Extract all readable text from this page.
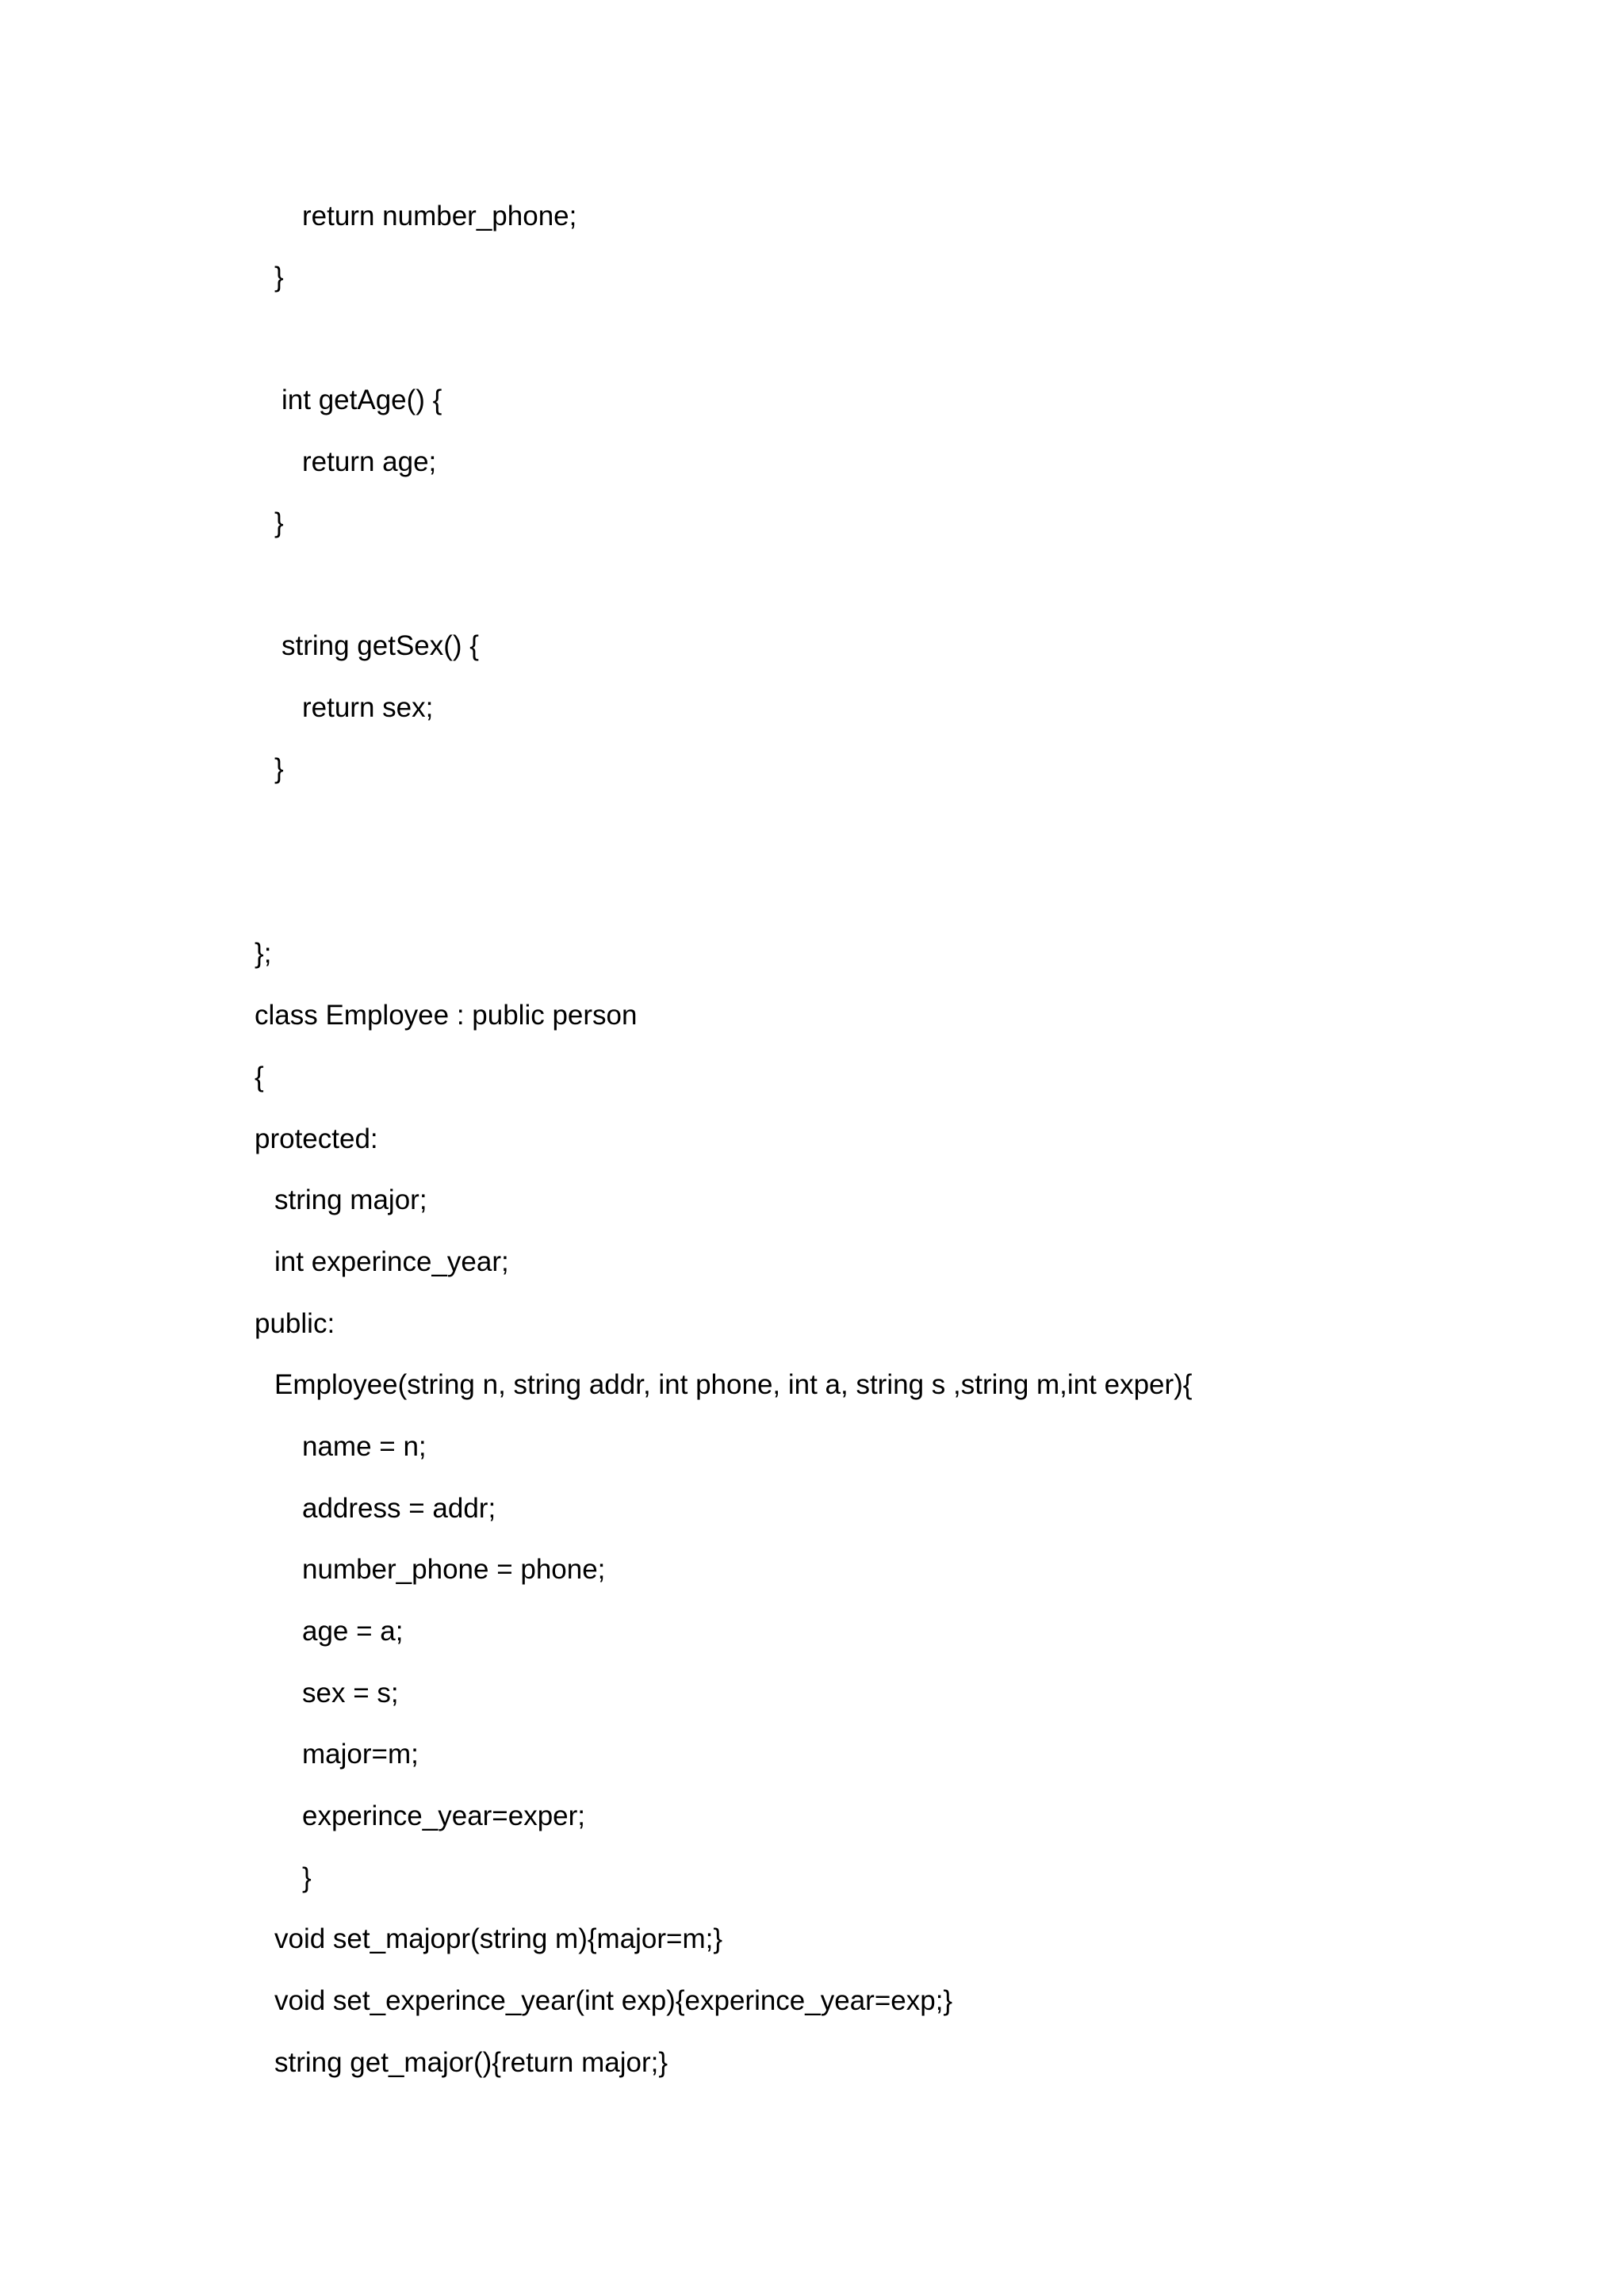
return number_phone;

}

int getAge() {

return age;

}

string getSex() {

return sex;

}

};

class Employee : public person

{

protected:

string major;

int experince_year;

public:

Employee(string n, string addr, int phone, int a, string s ,string m,int exper){

name = n;

address = addr;

number_phone = phone;

age = a;

sex = s;

major=m;

experince_year=exper;

}

void set_majopr(string m){major=m;}

void set_experince_year(int exp){experince_year=exp;}

string get_major(){return major;}
